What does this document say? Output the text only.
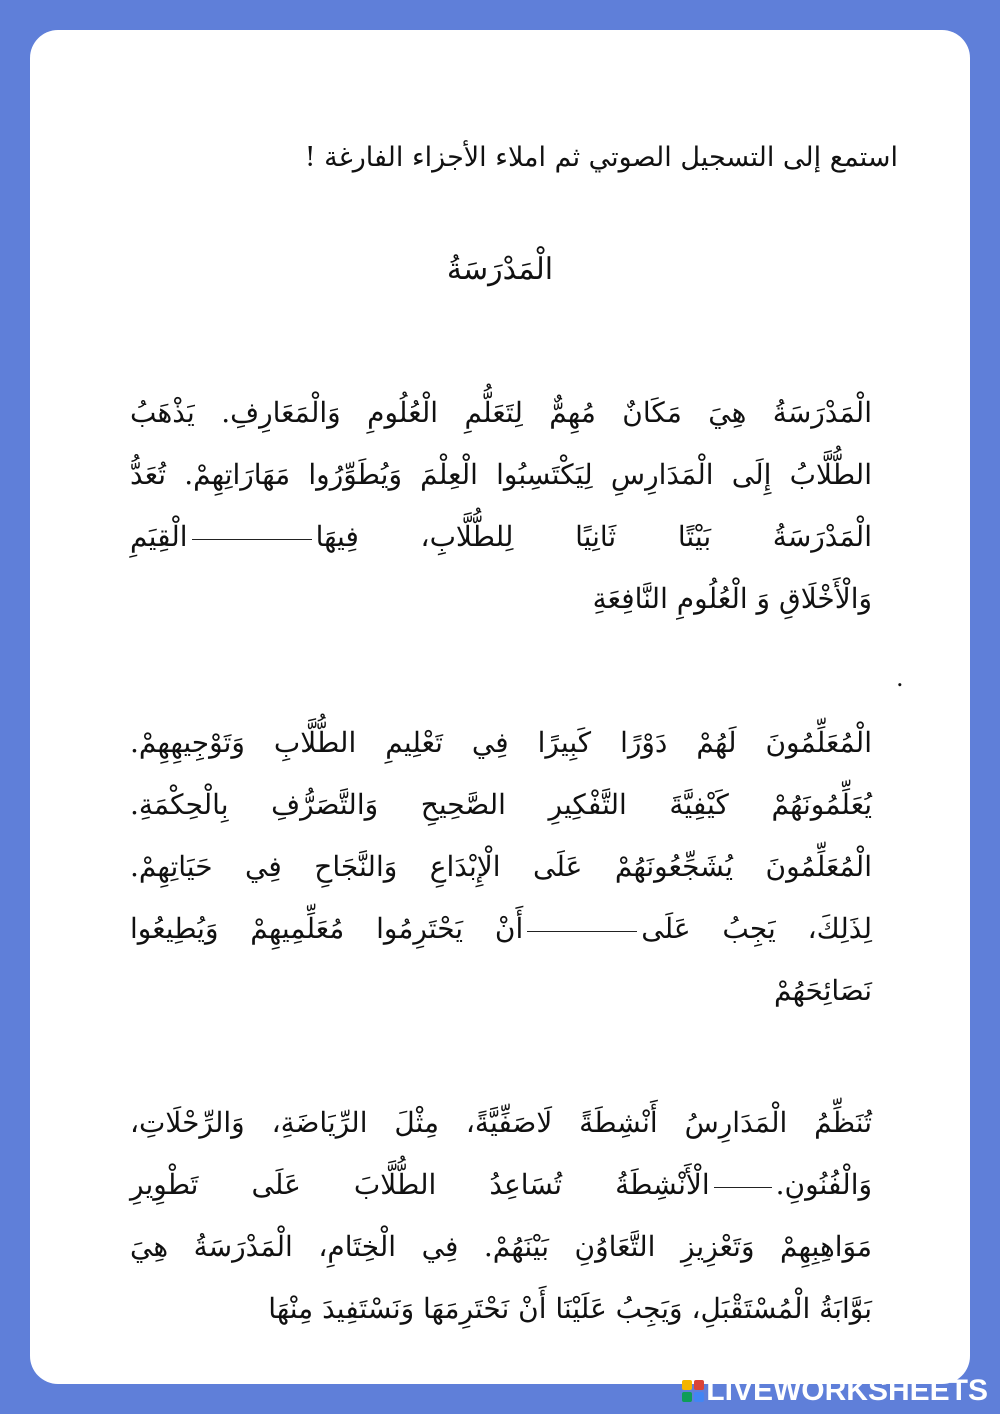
استمع إلى التسجيل الصوتي ثم املاء الأجزاء الفارغة !
الْمَدْرَسَةُ
الْمَدْرَسَةُ هِيَ مَكَانٌ مُهِمٌّ لِتَعَلُّمِ الْعُلُومِ وَالْمَعَارِفِ. يَذْهَبُ
الطُّلَّابُ إِلَى الْمَدَارِسِ لِيَكْتَسِبُوا الْعِلْمَ وَيُطَوِّرُوا مَهَارَاتِهِمْ. تُعَدُّ
الْمَدْرَسَةُ بَيْتًا ثَانِيًا لِلطُّلَّابِ، فِيهَاالْقِيَمِ
وَالْأَخْلَاقِ وَ الْعُلُومِ النَّافِعَةِ
.
الْمُعَلِّمُونَ لَهُمْ دَوْرًا كَبِيرًا فِي تَعْلِيمِ الطُّلَّابِ وَتَوْجِيهِهِمْ.
يُعَلِّمُونَهُمْ كَيْفِيَّةَ التَّفْكِيرِ الصَّحِيحِ وَالتَّصَرُّفِ بِالْحِكْمَةِ.
الْمُعَلِّمُونَ يُشَجِّعُونَهُمْ عَلَى الْإِبْدَاعِ وَالنَّجَاحِ فِي حَيَاتِهِمْ.
لِذَلِكَ، يَجِبُ عَلَىأَنْ يَحْتَرِمُوا مُعَلِّمِيهِمْ وَيُطِيعُوا
نَصَائِحَهُمْ
تُنَظِّمُ الْمَدَارِسُ أَنْشِطَةً لَاصَفِّيَّةً، مِثْلَ الرِّيَاضَةِ، وَالرِّحْلَاتِ،
وَالْفُنُونِ.الْأَنْشِطَةُ تُسَاعِدُ الطُّلَّابَ عَلَى تَطْوِيرِ
مَوَاهِبِهِمْ وَتَعْزِيزِ التَّعَاوُنِ بَيْنَهُمْ. فِي الْخِتَامِ، الْمَدْرَسَةُ هِيَ
بَوَّابَةُ الْمُسْتَقْبَلِ، وَيَجِبُ عَلَيْنَا أَنْ نَحْتَرِمَهَا وَنَسْتَفِيدَ مِنْهَا
LIVEWORKSHEETS
